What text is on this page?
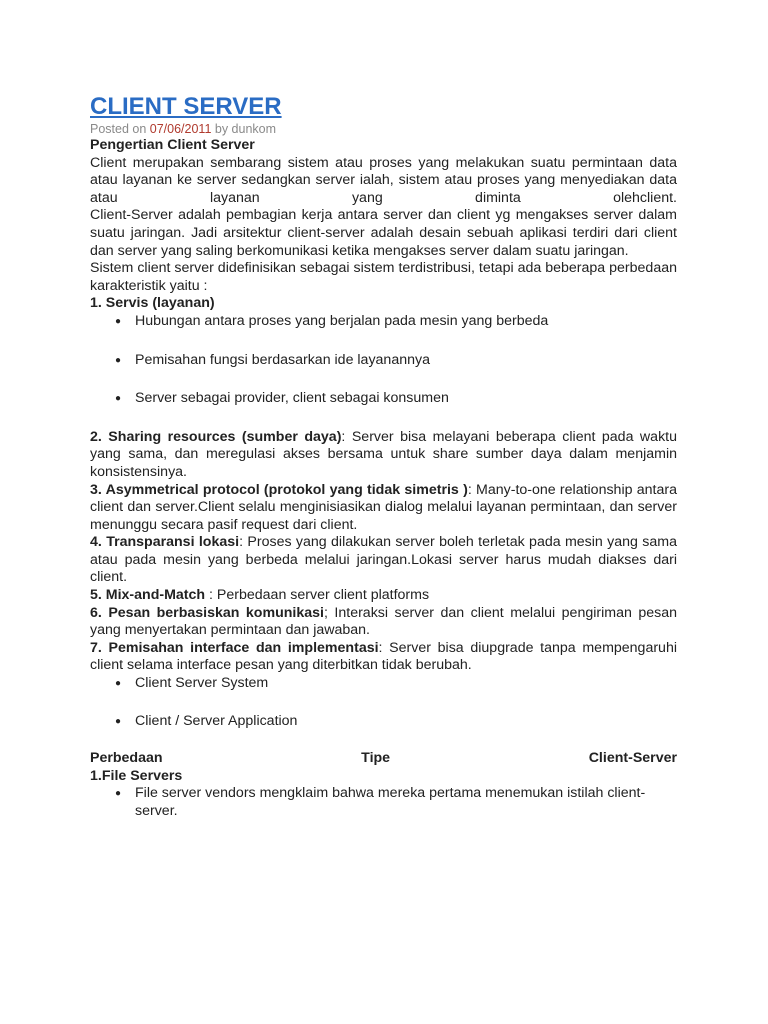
CLIENT SERVER
Posted on 07/06/2011 by dunkom

Pengertian Client Server

Client merupakan sembarang sistem atau proses yang melakukan suatu permintaan data atau layanan ke server sedangkan server ialah, sistem atau proses yang menyediakan data atau layanan yang diminta olehclient.

Client-Server adalah pembagian kerja antara server dan client yg mengakses server dalam suatu jaringan. Jadi arsitektur client-server adalah desain sebuah aplikasi terdiri dari client dan server yang saling berkomunikasi ketika mengakses server dalam suatu jaringan.

Sistem client server didefinisikan sebagai sistem terdistribusi, tetapi ada beberapa perbedaan karakteristik yaitu :

1. Servis (layanan)

● Hubungan antara proses yang berjalan pada mesin yang berbeda
● Pemisahan fungsi berdasarkan ide layanannya
● Server sebagai provider, client sebagai konsumen

2. Sharing resources (sumber daya): Server bisa melayani beberapa client pada waktu yang sama, dan meregulasi akses bersama untuk share sumber daya dalam menjamin konsistensinya.

3. Asymmetrical protocol (protokol yang tidak simetris ): Many-to-one relationship antara client dan server.Client selalu menginisiasikan dialog melalui layanan permintaan, dan server menunggu secara pasif request dari client.

4. Transparansi lokasi: Proses yang dilakukan server boleh terletak pada mesin yang sama atau pada mesin yang berbeda melalui jaringan.Lokasi server harus mudah diakses dari client.

5. Mix-and-Match : Perbedaan server client platforms

6. Pesan berbasiskan komunikasi; Interaksi server dan client melalui pengiriman pesan yang menyertakan permintaan dan jawaban.

7. Pemisahan interface dan implementasi: Server bisa diupgrade tanpa mempengaruhi client selama interface pesan yang diterbitkan tidak berubah.

● Client Server System
● Client / Server Application
Perbedaan	Tipe	Client-Server

1.File Servers

● File server vendors mengklaim bahwa mereka pertama menemukan istilah client-server.
